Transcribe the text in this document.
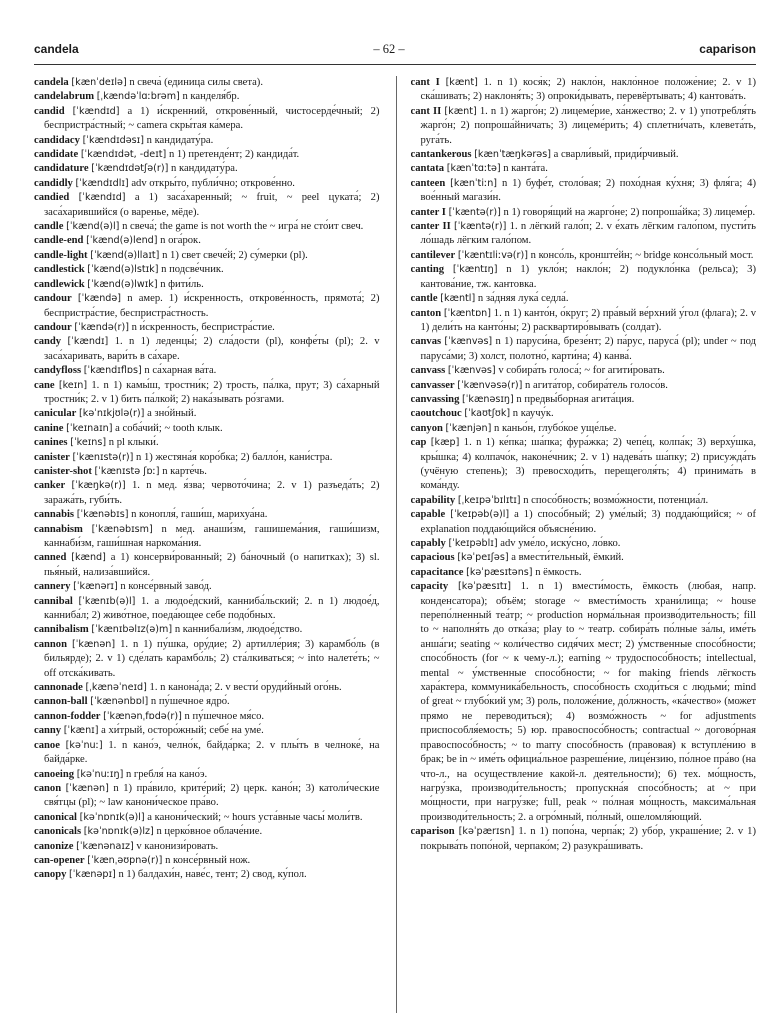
candela	– 62 –	caparison

candela [kænˈdeɪlə] n свеча́ (единица силы света).

candelabrum [ˌkændəˈlɑːbrəm] n канделя́бр.

candid [ˈkændɪd] a 1) и́скренний, открове́нный, чистосерде́чный; 2) беспристра́стный; ~ camera скры́тая ка́мера.

candidacy [ˈkændɪdəsɪ] n кандидату́ра.

candidate [ˈkændɪdət, -deɪt] n 1) претенде́нт; 2) кандида́т.

candidature [ˈkændɪdətʃə(r)] n кандидату́ра.

candidly [ˈkændɪdlɪ] adv откры́то, публи́чно; открове́нно.

candied [ˈkændɪd] a 1) заса́харенный; ~ fruit, ~ peel цуката́; 2) заса́харившийся (о варенье, мёде).

candle [ˈkænd(ə)l] n свеча́; the game is not worth the ~ игра́ не сто́ит свеч.

candle-end [ˈkænd(ə)lend] n ога́рок.

candle-light [ˈkænd(ə)llaɪt] n 1) свет свече́й; 2) су́мерки (pl).

candlestick [ˈkænd(ə)lstɪk] n подсве́чник.

candlewick [ˈkænd(ə)lwɪk] n фити́ль.

candour [ˈkændə] n амер. 1) и́скренность, открове́нность, прямота́; 2) беспристра́стие, беспристра́стность.

candour [ˈkændə(r)] n и́скренность, беспристра́стие.

candy [ˈkændɪ] 1. n 1) леденцы́; 2) сла́дости (pl), конфе́ты (pl); 2. v заса́харивать, вари́ть в са́харе.

candyfloss [ˈkændɪflɒs] n са́харная ва́та.

cane [keɪn] 1. n 1) камы́ш, тростни́к; 2) трость, па́лка, прут; 3) са́харный тростни́к; 2. v 1) бить па́лкой; 2) нака́зывать ро́згами.

canicular [kəˈnɪkjʊlə(r)] a зно́йный.

canine [ˈkeɪnaɪn] a соба́чий; ~ tooth клык.

canines [ˈkeɪns] n pl клыки́.

canister [ˈkænɪstə(r)] n 1) жестяна́я коро́бка; 2) балло́н, кани́стра.

canister-shot [ˈkænɪstə ʃɒː] n карте́чь.

canker [ˈkæŋkə(r)] 1. n мед. я́зва; червото́чина; 2. v 1) разъеда́ть; 2) заража́ть, губи́ть.

cannabis [ˈkænəbɪs] n конопля́, гаши́ш, марихуа́на.

cannabism [ˈkænəbɪsm] n мед. анаши́зм, гашишема́ния, гаши́шизм, каннаби́зм, гаши́шная наркома́ния.

canned [kænd] a 1) консерви́рованный; 2) ба́ночный (о напитках); 3) sl. пья́ный, нализа́вшийся.

cannery [ˈkænərɪ] n консе́рвный заво́д.

cannibal [ˈkænɪb(ə)l] 1. a людое́дский, канниба́льский; 2. n 1) людое́д, канниба́л; 2) живо́тное, поеда́ющее себе подо́бных.

cannibalism [ˈkænɪbəlɪz(ə)m] n каннибали́зм, людое́дство.

cannon [ˈkænən] 1. n 1) пу́шка, ору́дие; 2) артилле́рия; 3) карамбо́ль (в бильярде); 2. v 1) сде́лать карамбо́ль; 2) ста́лкиваться; ~ into налете́ть; ~ off отска́кивать.

cannonade [ˌkænəˈneɪd] 1. n канона́да; 2. v вести́ оруди́йный ого́нь.

cannon-ball [ˈkænənbɒl] n пу́шечное ядро́.

cannon-fodder [ˈkænənˌfɒdə(r)] n пу́шечное мя́со.

canny [ˈkænɪ] a хи́трый, осторо́жный; себе́ на уме́.

canoe [kəˈnuː] 1. n кано́э, челно́к, байда́рка; 2. v плы́ть в челноке́, на байда́рке.

canoeing [kəˈnuːɪŋ] n гребля́ на кано́э.

canon [ˈkænən] n 1) пра́вило, крите́рий; 2) церк. кано́н; 3) католи́ческие свя́тцы (pl); ~ law канони́ческое пра́во.

canonical [kəˈnɒnɪk(ə)l] a канони́ческий; ~ hours уста́вные часы́ моли́тв.

canonicals [kəˈnɒnɪk(ə)lz] n церко́вное облаче́ние.

canonize [ˈkænənaɪz] v канонизи́ровать.

can-opener [ˈkænˌəʊpnə(r)] n консе́рвный нож.

canopy [ˈkænəpɪ] n 1) балдахи́н, наве́с, тент; 2) свод, ку́пол.

cant I [kænt] 1. n 1) кося́к; 2) накло́н, накло́нное положе́ние; 2. v 1) ска́шивать; 2) наклоня́ть; 3) опроки́дывать, перевёртывать; 4) кантова́ть.

cant II [kænt] 1. n 1) жарго́н; 2) лицеме́рие, ха́нжество; 2. v 1) употребля́ть жарго́н; 2) попроша́йничать; 3) лицеме́рить; 4) сплетни́чать, клевета́ть, руга́ть.

cantankerous [kænˈtæŋkərəs] a сварли́вый, приди́рчивый.

cantata [kænˈtɑːtə] n канта́та.

canteen [kænˈtiːn] n 1) буфе́т, столо́вая; 2) похо́дная ку́хня; 3) фля́га; 4) вое́нный магази́н.

canter I [ˈkæntə(r)] n 1) говоря́щий на жарго́не; 2) попроша́йка; 3) лицеме́р.

canter II [ˈkæntə(r)] 1. n лёгкий гало́п; 2. v е́хать лёгким гало́пом, пусти́ть ло́шадь лёгким гало́пом.

cantilever [ˈkæntɪliːvə(r)] n консо́ль, кронште́йн; ~ bridge консо́льный мост.

canting [ˈkæntɪŋ] n 1) укло́н; накло́н; 2) подукло́нка (рельса); 3) кантова́ние, тж. кантовка.

cantle [kæntl] n за́дняя лука́ седла́.

canton [ˈkæntɒn] 1. n 1) канто́н, о́круг; 2) пра́вый ве́рхний у́гол (флага); 2. v 1) дели́ть на канто́ны; 2) расквартиро́вывать (солдат).

canvas [ˈkænvəs] n 1) паруси́на, брезе́нт; 2) па́рус, паруса́ (pl); under ~ под паруса́ми; 3) холст, полотно́, карти́на; 4) канва́.

canvass [ˈkænvəs] v собира́ть голоса́; ~ for агити́ровать.

canvasser [ˈkænvəsə(r)] n агита́тор, собира́тель голосо́в.

canvassing [ˈkænəsɪŋ] n предвы́борная агита́ция.

caoutchouc [ˈkaʊtʃʊk] n каучу́к.

canyon [ˈkænjən] n каньо́н, глубо́кое уще́лье.

cap [kæp] 1. n 1) ке́пка; ша́пка; фура́жка; 2) чепе́ц, колпа́к; 3) верху́шка, кры́шка; 4) колпачо́к, наконе́чник; 2. v 1) надева́ть ша́пку; 2) присужда́ть (учёную степень); 3) превосходи́ть, перещеголя́ть; 4) принима́ть в кома́нду.

capability [ˌkeɪpəˈbɪlɪtɪ] n спосо́бность; возмо́жности, потенциа́л.

capable [ˈkeɪpəb(ə)l] a 1) спосо́бный; 2) уме́лый; 3) поддаю́щийся; ~ of explanation поддаю́щийся объясне́нию.

capably [ˈkeɪpəblɪ] adv уме́ло, иску́сно, ло́вко.

capacious [kəˈpeɪʃəs] a вмести́тельный, ёмкий.

capacitance [kəˈpæsɪtəns] n ёмкость.

capacity [kəˈpæsɪtɪ] 1. n 1) вмести́мость, ёмкость (любая, напр. конденсатора); объём; storage ~ вмести́мость храни́лища; ~ house перепо́лненный теа́тр; ~ production норма́льная произво́дительность; fill to ~ наполня́ть до отка́за; play to ~ театр. собира́ть по́лные за́лы, име́ть анша́ги; seating ~ коли́чество сидя́чих мест; 2) у́мственные спосо́бности; спосо́бность (for ~ к чему-л.); earning ~ трудоспосо́бность; intellectual, mental ~ у́мственные спосо́бности; ~ for making friends лёгкость хара́ктера, коммуника́бельность, спосо́бность сходи́ться с людьми́; mind of great ~ глубо́кий ум; 3) роль, положе́ние, до́лжность, «ка́чество» (может прямо не переводиться); 4) возмо́жность ~ for adjustments приспособля́емость; 5) юр. правоспосо́бность; contractual ~ догово́рная правоспосо́бность; ~ to marry спосо́бность (правовая) к вступле́нию в брак; be in ~ име́ть официа́льное разреше́ние, лице́нзию, по́лное пра́во (на что-л., на осуществление какой-л. деятельности); 6) тех. мо́щность, нагру́зка, производи́тельность; пропускна́я спосо́бность; at ~ при мо́щности, при нагру́зке; full, peak ~ по́лная мо́щность, максима́льная производи́тельность; 2. a огро́мный, по́лный, ошеломля́ющий.

caparison [kəˈpærɪsn] 1. n 1) попо́на, черпа́к; 2) убо́р, украше́ние; 2. v 1) покрыва́ть попо́ной, черпако́м; 2) разукра́шивать.
